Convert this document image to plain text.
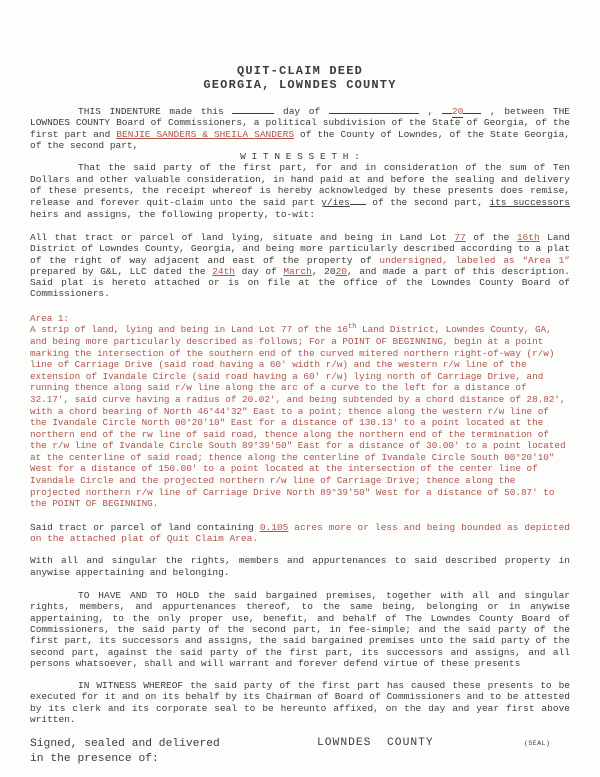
QUIT-CLAIM DEED
GEORGIA, LOWNDES COUNTY

THIS INDENTURE made this	day of	, 20 , between THE LOWNDES COUNTY Board of Commissioners, a political subdivision of the State of Georgia, of the first part and BENJIE SANDERS & SHEILA SANDERS of the County of Lowndes, of the State Georgia, of the second part,

W I T N E S S E T H :

That the said party of the first part, for and in consideration of the sum of Ten Dollars and other valuable consideration, in hand paid at and before the sealing and delivery of these presents, the receipt whereof is hereby acknowledged by these presents does remise, release and forever quit-claim unto the said part y/ies of the second part, its successors heirs and assigns, the following property, to-wit:

All that tract or parcel of land lying, situate and being in Land Lot 77 of the 16th Land District of Lowndes County, Georgia, and being more particularly described according to a plat of the right of way adjacent and east of the property of undersigned, labeled as “Area 1” prepared by G&L, LLC dated the 24th day of March, 2020, and made a part of this description. Said plat is hereto attached or is on file at the office of the Lowndes County Board of Commissioners.

Area 1:

A strip of land, lying and being in Land Lot 77 of the 16th Land District, Lowndes County, GA, and being more particularly described as follows; For a POINT OF BEGINNING, begin at a point marking the intersection of the southern end of the curved mitered northern right-of-way (r/w) line of Carriage Drive (said road having a 60' width r/w) and the western r/w line of the extension of Ivandale Circle (said road having a 60' r/w) lying north of Carriage Drive, and running thence along said r/w line along the arc of a curve to the left for a distance of 32.17', said curve having a radius of 20.02', and being subtended by a chord distance of 28.82', with a chord bearing of North 46°44'32" East to a point; thence along the western r/w line of the Ivandale Circle North 00°20'10" East for a distance of 130.13' to a point located at the northern end of the rw line of said road, thence along the northern end of the termination of the r/w line of Ivandale Circle South 89°39'50" East for a distance of 30.00' to a point located at the centerline of said road; thence along the centerline of Ivandale Circle South 00°20'10" West for a distance of 150.00' to a point located at the intersection of the center line of Ivandale Circle and the projected northern r/w line of Carriage Drive; thence along the projected northern r/w line of Carriage Drive North 89°39'50" West for a distance of 50.87' to the POINT OF BEGINNING.

Said tract or parcel of land containing 0.105 acres more or less and being bounded as depicted on the attached plat of Quit Claim Area.

With all and singular the rights, members and appurtenances to said described property in anywise appertaining and belonging.

TO HAVE AND TO HOLD the said bargained premises, together with all and singular rights, members, and appurtenances thereof, to the same being, belonging or in anywise appertaining, to the only proper use, benefit, and behalf of The Lowndes County Board of Commissioners, the said party of the second part, in fee-simple; and the said party of the first part, its successors and assigns, the said bargained premises unto the said party of the second part, against the said party of the first part, its successors and assigns, and all persons whatsoever, shall and will warrant and forever defend virtue of these presents

IN WITNESS WHEREOF the said party of the first part has caused these presents to be executed for it and on its behalf by its Chairman of Board of Commissioners and to be attested by its clerk and its corporate seal to be hereunto affixed, on the day and year first above written.

Signed, sealed and delivered
in the presence of:
LOWNDES  COUNTY	(SEAL)
